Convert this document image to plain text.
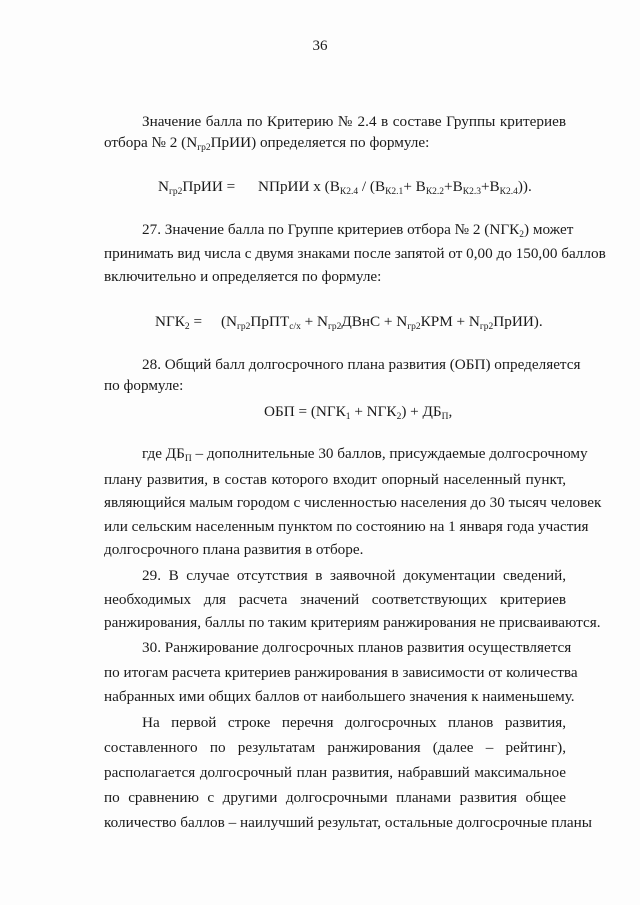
36
Значение балла по Критерию № 2.4 в составе Группы критериев
отбора № 2 $(N_{гр2}ПрИИ)$ определяется по формуле:
$N_{гр2}ПрИИ$ =      NПрИИ x $(В_{К2.4} / (В_{К2.1}+ В_{К2.2}+В_{К2.3}+В_{К2.4}))$.
27. Значение балла по Группе критериев отбора № 2 $(NГК_2)$ может
принимать вид числа с двумя знаками после запятой от 0,00 до 150,00 баллов
включительно и определяется по формуле:
$NГК_2$ =     ($N_{гр2}ПрПТ_{с/х}$ + $N_{гр2}ДВнС + N_{гр2}КРМ$ + $N_{гр2}ПрИИ$).
28. Общий балл долгосрочного плана развития (ОБП) определяется
по формуле:
ОБП = $(NГК_1 + NГК_2) + ДБ_П$,
где $ДБ_П$ – дополнительные 30 баллов, присуждаемые долгосрочному
плану развития, в состав которого входит опорный населенный пункт,
являющийся малым городом с численностью населения до 30 тысяч человек
или сельским населенным пунктом по состоянию на 1 января года участия
долгосрочного плана развития в отборе.
29. В случае отсутствия в заявочной документации сведений,
необходимых для расчета значений соответствующих критериев
ранжирования, баллы по таким критериям ранжирования не присваиваются.
30. Ранжирование долгосрочных планов развития осуществляется
по итогам расчета критериев ранжирования в зависимости от количества
набранных ими общих баллов от наибольшего значения к наименьшему.
На первой строке перечня долгосрочных планов развития,
составленного по результатам ранжирования (далее – рейтинг),
располагается долгосрочный план развития, набравший максимальное
по сравнению с другими долгосрочными планами развития общее
количество баллов – наилучший результат, остальные долгосрочные планы
